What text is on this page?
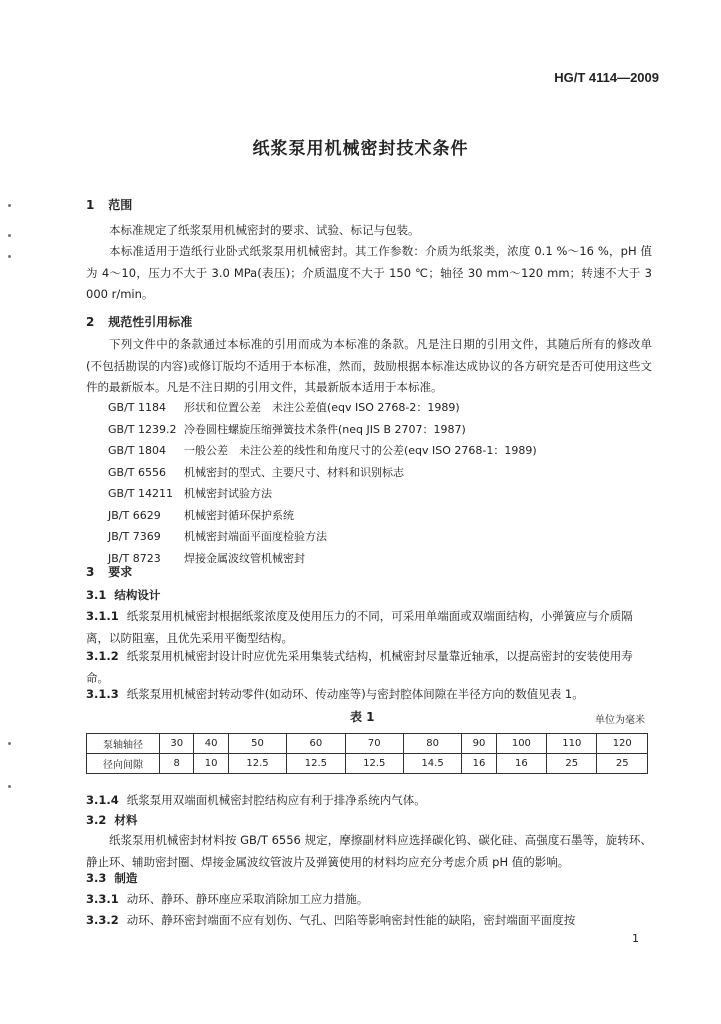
HG/T 4114—2009
纸浆泵用机械密封技术条件
1 范围

本标准规定了纸浆泵用机械密封的要求、试验、标记与包装。

本标准适用于造纸行业卧式纸浆泵用机械密封。其工作参数：介质为纸浆类，浓度 0.1 %～16 %，pH 值为 4～10，压力不大于 3.0 MPa(表压)；介质温度不大于 150 ℃；轴径 30 mm～120 mm；转速不大于 3 000 r/min。

2 规范性引用标准

下列文件中的条款通过本标准的引用而成为本标准的条款。凡是注日期的引用文件，其随后所有的修改单(不包括勘误的内容)或修订版均不适用于本标准，然而，鼓励根据本标准达成协议的各方研究是否可使用这些文件的最新版本。凡是不注日期的引用文件，其最新版本适用于本标准。

GB/T 1184 形状和位置公差　未注公差值(eqv ISO 2768-2：1989)
GB/T 1239.2 冷卷圆柱螺旋压缩弹簧技术条件(neq JIS B 2707：1987)
GB/T 1804 一般公差　未注公差的线性和角度尺寸的公差(eqv ISO 2768-1：1989)
GB/T 6556 机械密封的型式、主要尺寸、材料和识别标志
GB/T 14211 机械密封试验方法
JB/T 6629 机械密封循环保护系统
JB/T 7369 机械密封端面平面度检验方法
JB/T 8723 焊接金属波纹管机械密封
3 要求
3.1 结构设计

3.1.1 纸浆泵用机械密封根据纸浆浓度及使用压力的不同，可采用单端面或双端面结构，小弹簧应与介质隔离，以防阻塞，且优先采用平衡型结构。

3.1.2 纸浆泵用机械密封设计时应优先采用集装式结构，机械密封尽量靠近轴承，以提高密封的安装使用寿命。

3.1.3 纸浆泵用机械密封转动零件(如动环、传动座等)与密封腔体间隙在半径方向的数值见表 1。

表 1	单位为毫米
泵轴轴径	30	40	50	60	70	80	90	100	110	120
径向间隙	8	10	12.5	12.5	12.5	14.5	16	16	25	25

3.1.4 纸浆泵用双端面机械密封腔结构应有利于排净系统内气体。

3.2 材料

纸浆泵用机械密封材料按 GB/T 6556 规定，摩擦副材料应选择碳化钨、碳化硅、高强度石墨等，旋转环、静止环、辅助密封圈、焊接金属波纹管波片及弹簧使用的材料均应充分考虑介质 pH 值的影响。

3.3 制造

3.3.1 动环、静环、静环座应采取消除加工应力措施。

3.3.2 动环、静环密封端面不应有划伤、气孔、凹陷等影响密封性能的缺陷，密封端面平面度按

1
